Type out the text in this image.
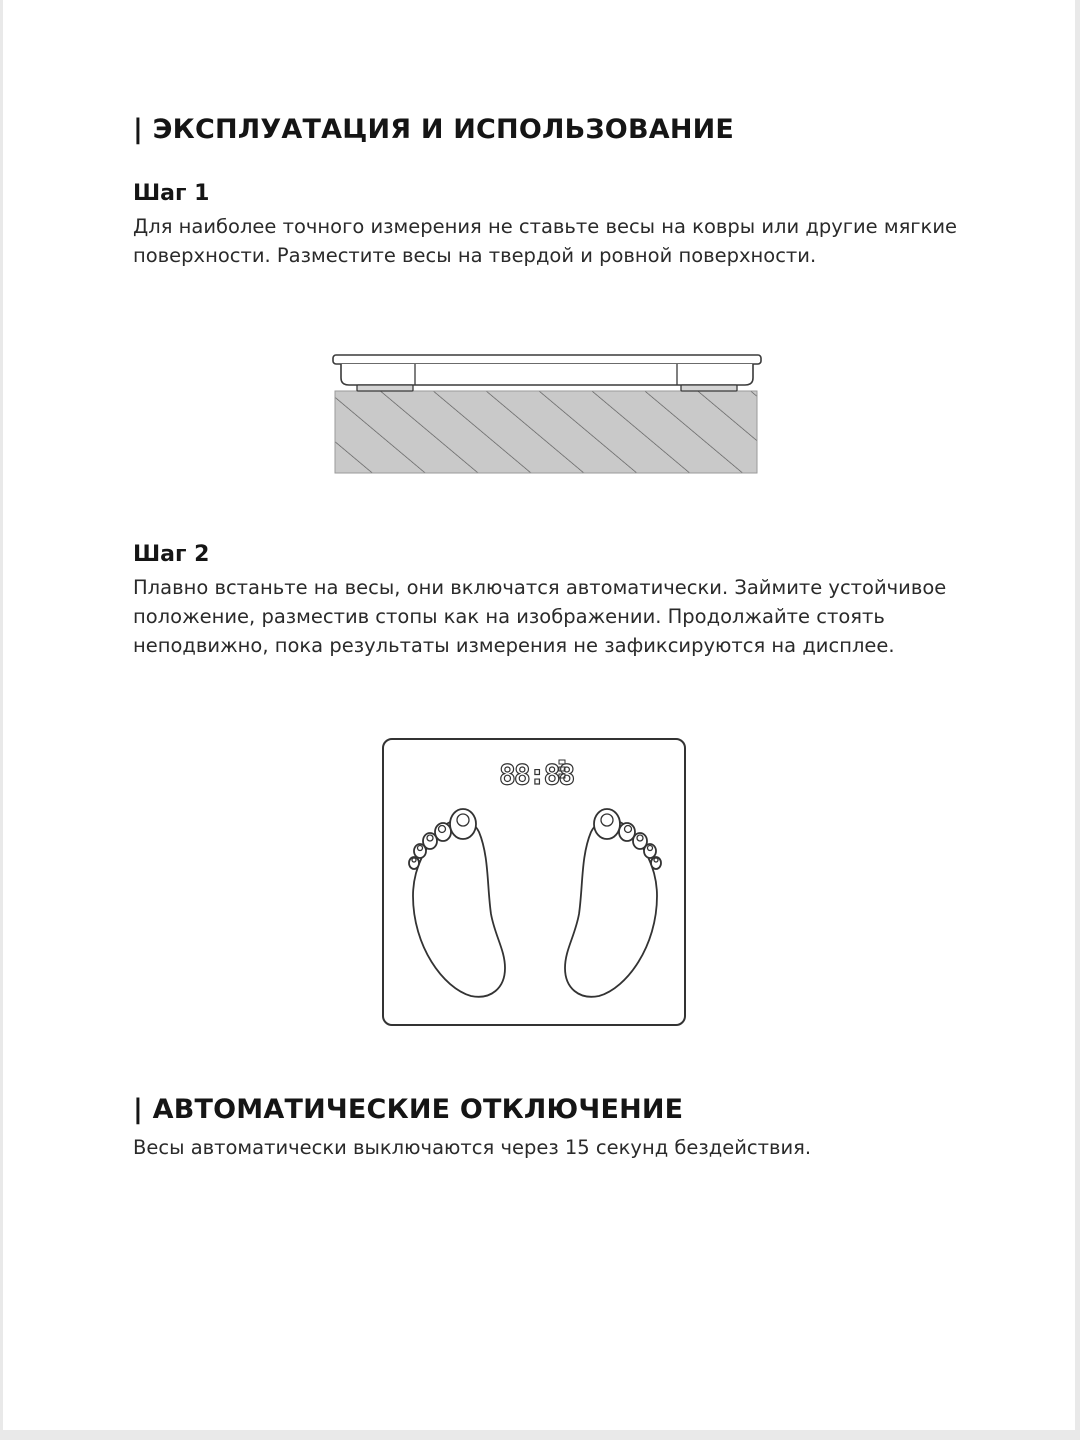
| ЭКСПЛУАТАЦИЯ И ИСПОЛЬЗОВАНИЕ
Шаг 1

Для наиболее точного измерения не ставьте весы на ковры или другие мягкие поверхности. Разместите весы на твердой и ровной поверхности.

Шаг 2

Плавно встаньте на весы, они включатся автоматически. Займите устойчивое положение, разместив стопы как на изображении. Продолжайте стоять неподвижно, пока результаты измерения не зафиксируются на дисплее.

88:88
| АВТОМАТИЧЕСКИЕ ОТКЛЮЧЕНИЕ

Весы автоматически выключаются через 15 секунд бездействия.
